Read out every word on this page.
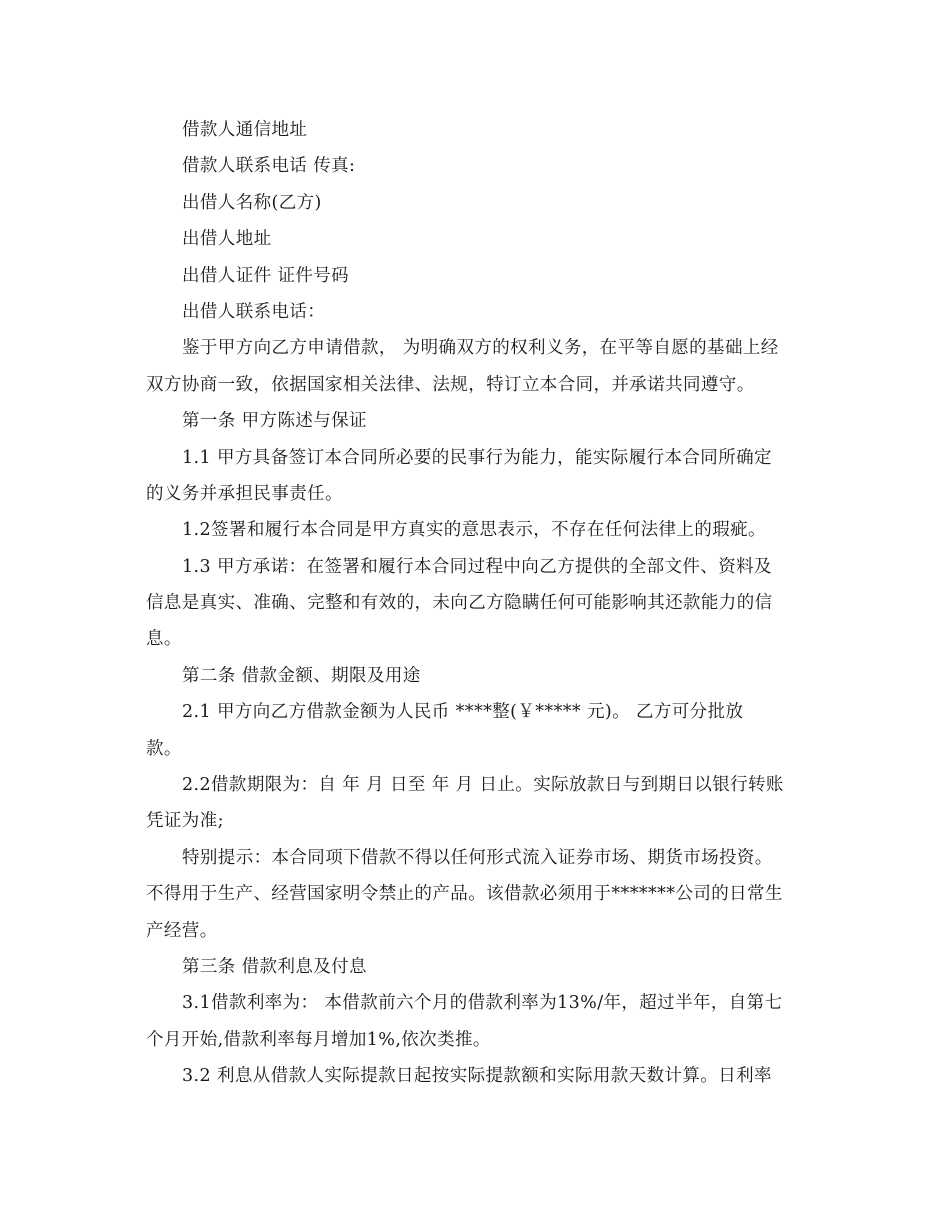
借款人通信地址
借款人联系电话 传真:
出借人名称(乙方)
出借人地址
出借人证件 证件号码
出借人联系电话：
鉴于甲方向乙方申请借款， 为明确双方的权利义务，在平等自愿的基础上经
双方协商一致，依据国家相关法律、法规，特订立本合同，并承诺共同遵守。
第一条 甲方陈述与保证
1.1 甲方具备签订本合同所必要的民事行为能力，能实际履行本合同所确定
的义务并承担民事责任。
1.2签署和履行本合同是甲方真实的意思表示，不存在任何法律上的瑕疵。
1.3 甲方承诺：在签署和履行本合同过程中向乙方提供的全部文件、资料及
信息是真实、准确、完整和有效的，未向乙方隐瞒任何可能影响其还款能力的信
息。
第二条 借款金额、期限及用途
2.1 甲方向乙方借款金额为人民币 ****整(￥***** 元)。 乙方可分批放
款。
2.2借款期限为：自 年 月 日至 年 月 日止。实际放款日与到期日以银行转账
凭证为准;
特别提示：本合同项下借款不得以任何形式流入证券市场、期货市场投资。
不得用于生产、经营国家明令禁止的产品。该借款必须用于*******公司的日常生
产经营。
第三条 借款利息及付息
3.1借款利率为： 本借款前六个月的借款利率为13%/年，超过半年，自第七
个月开始,借款利率每月增加1%,依次类推。
3.2 利息从借款人实际提款日起按实际提款额和实际用款天数计算。日利率
